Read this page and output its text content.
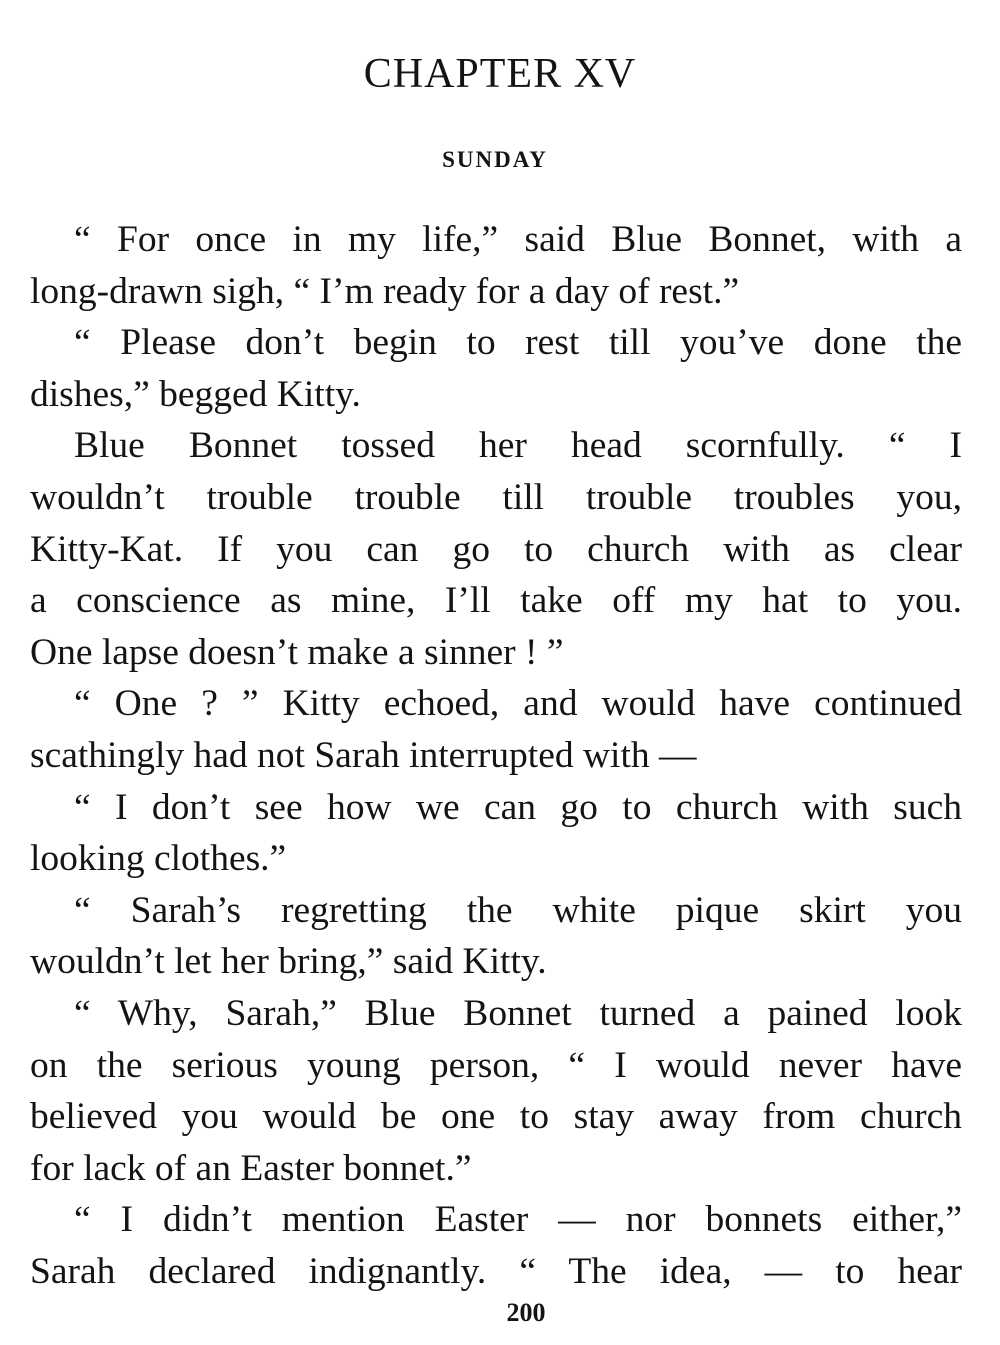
CHAPTER XV
SUNDAY
“ For once in my life,” said Blue Bonnet, with a
long-drawn sigh, “ I’m ready for a day of rest.”
“ Please don’t begin to rest till you’ve done the
dishes,” begged Kitty.
Blue Bonnet tossed her head scornfully. “ I
wouldn’t trouble trouble till trouble troubles you,
Kitty-Kat. If you can go to church with as clear
a conscience as mine, I’ll take off my hat to you.
One lapse doesn’t make a sinner ! ”
“ One ? ” Kitty echoed, and would have continued
scathingly had not Sarah interrupted with —
“ I don’t see how we can go to church with such
looking clothes.”
“ Sarah’s regretting the white pique skirt you
wouldn’t let her bring,” said Kitty.
“ Why, Sarah,” Blue Bonnet turned a pained look
on the serious young person, “ I would never have
believed you would be one to stay away from church
for lack of an Easter bonnet.”
“ I didn’t mention Easter — nor bonnets either,”
Sarah declared indignantly. “ The idea, — to hear
200
